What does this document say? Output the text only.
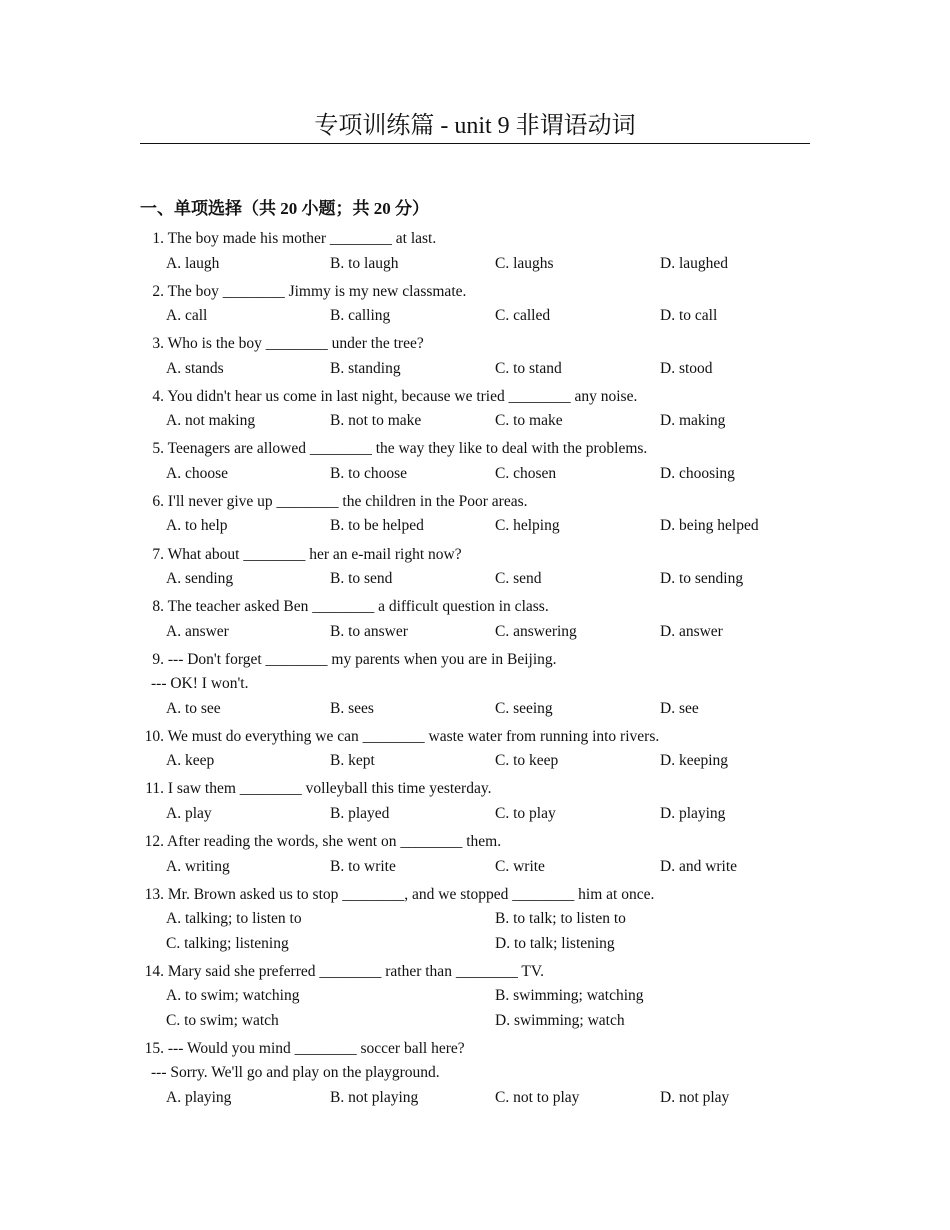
专项训练篇 - unit 9 非谓语动词
一、单项选择（共 20 小题；共 20 分）
1. The boy made his mother ________ at last.
A. laugh	B. to laugh	C. laughs	D. laughed
2. The boy ________ Jimmy is my new classmate.
A. call	B. calling	C. called	D. to call
3. Who is the boy ________ under the tree?
A. stands	B. standing	C. to stand	D. stood
4. You didn't hear us come in last night, because we tried ________ any noise.
A. not making	B. not to make	C. to make	D. making
5. Teenagers are allowed ________ the way they like to deal with the problems.
A. choose	B. to choose	C. chosen	D. choosing
6. I'll never give up ________ the children in the Poor areas.
A. to help	B. to be helped	C. helping	D. being helped
7. What about ________ her an e-mail right now?
A. sending	B. to send	C. send	D. to sending
8. The teacher asked Ben ________ a difficult question in class.
A. answer	B. to answer	C. answering	D. answer
9. --- Don't forget ________ my parents when you are in Beijing.
--- OK! I won't.
A. to see	B. sees	C. seeing	D. see
10. We must do everything we can ________ waste water from running into rivers.
A. keep	B. kept	C. to keep	D. keeping
11. I saw them ________ volleyball this time yesterday.
A. play	B. played	C. to play	D. playing
12. After reading the words, she went on ________ them.
A. writing	B. to write	C. write	D. and write
13. Mr. Brown asked us to stop ________, and we stopped ________ him at once.
A. talking; to listen to	B. to talk; to listen to
C. talking; listening	D. to talk; listening
14. Mary said she preferred ________ rather than ________ TV.
A. to swim; watching	B. swimming; watching
C. to swim; watch	D. swimming; watch
15. --- Would you mind ________ soccer ball here?
--- Sorry. We'll go and play on the playground.
A. playing	B. not playing	C. not to play	D. not play
